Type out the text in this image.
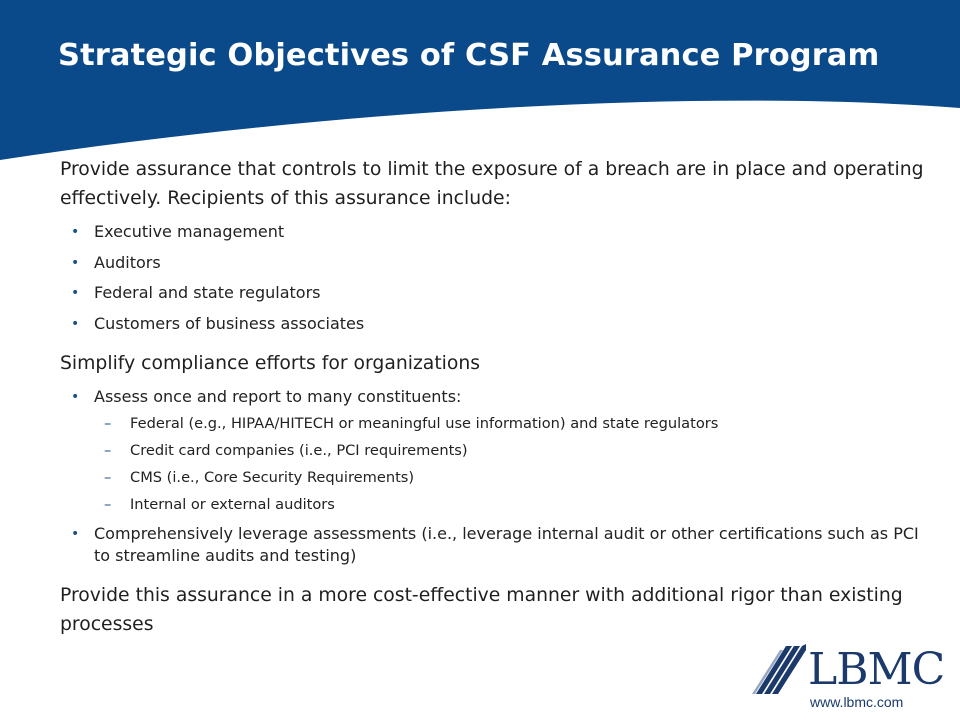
Strategic Objectives of CSF Assurance Program

Provide assurance that controls to limit the exposure of a breach are in place and operating effectively. Recipients of this assurance include:

• Executive management
• Auditors
• Federal and state regulators
• Customers of business associates

Simplify compliance efforts for organizations

• Assess once and report to many constituents:
– Federal (e.g., HIPAA/HITECH or meaningful use information) and state regulators
– Credit card companies (i.e., PCI requirements)
– CMS (i.e., Core Security Requirements)
– Internal or external auditors
• Comprehensively leverage assessments (i.e., leverage internal audit or other certifications such as PCI to streamline audits and testing)

Provide this assurance in a more cost-effective manner with additional rigor than existing processes

LBMC
www.lbmc.com
